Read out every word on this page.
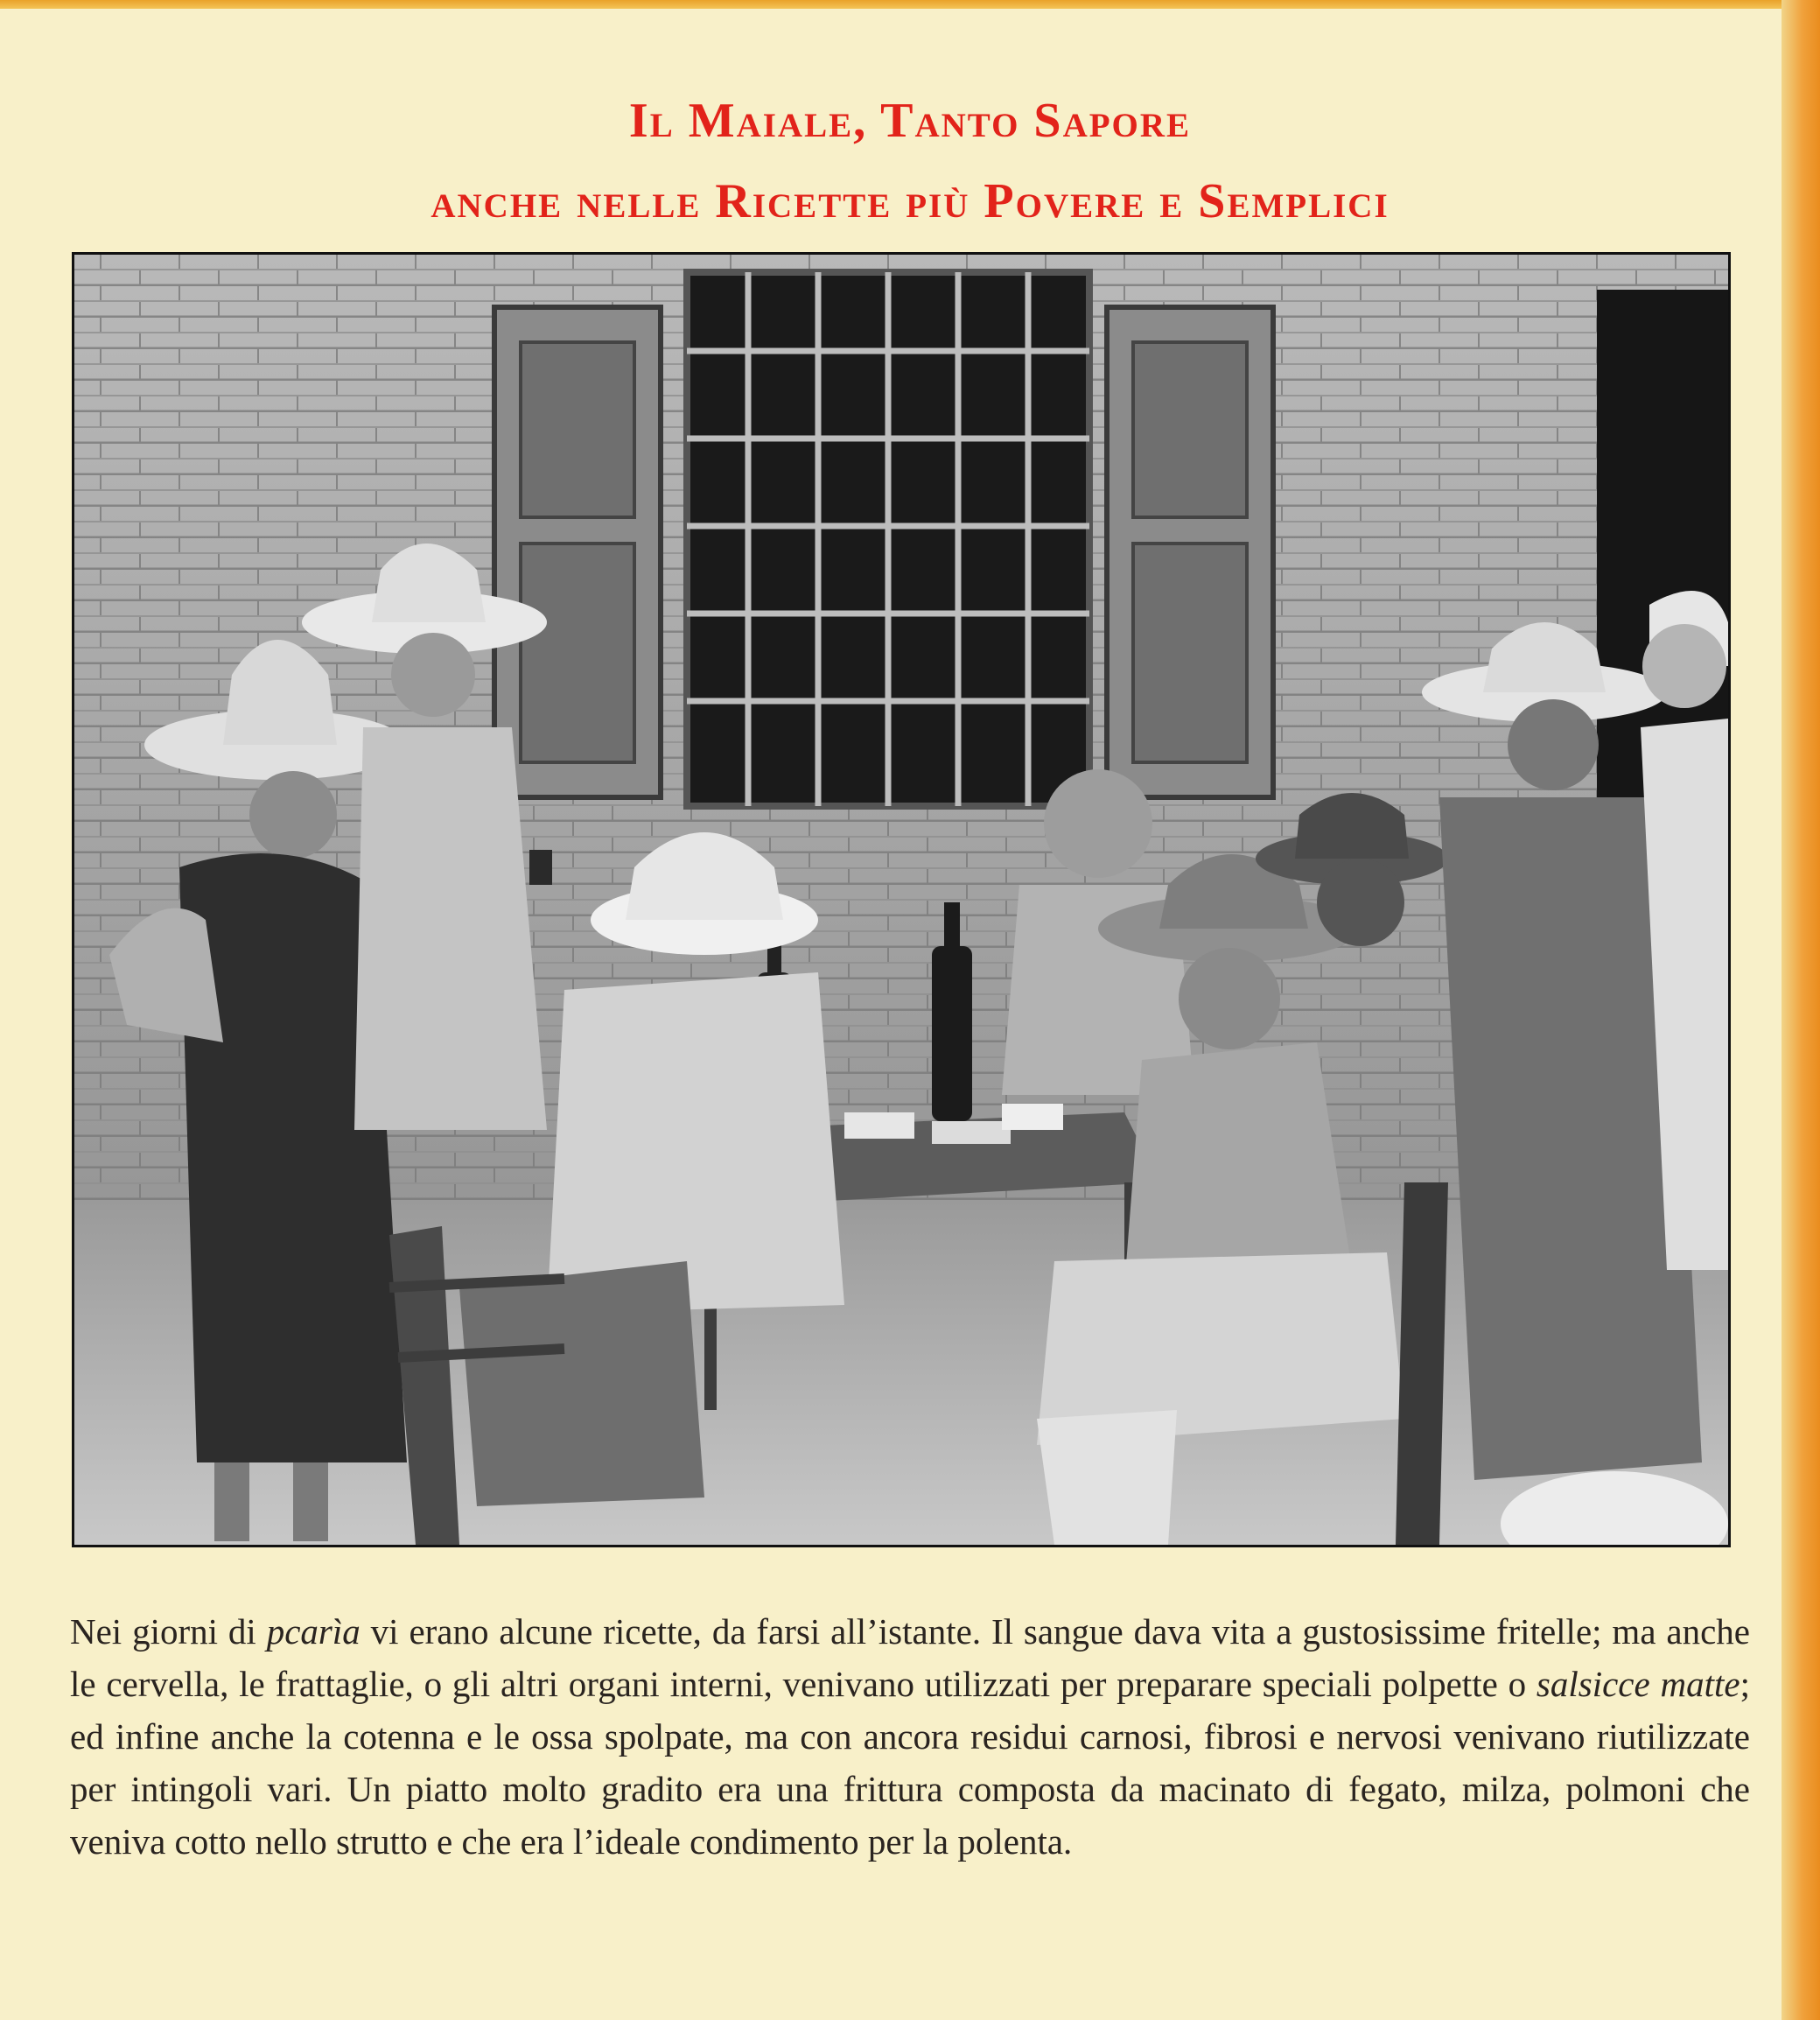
Il Maiale, Tanto Sapore
anche nelle Ricette più Povere e Semplici

Nei giorni di pcarìa vi erano alcune ricette, da farsi all’istante. Il sangue dava vita a gustosissime fritelle; ma anche le cervella, le frattaglie, o gli altri organi interni, venivano utilizzati per preparare speciali polpette o salsicce matte; ed infine anche la cotenna e le ossa spolpate, ma con ancora residui carnosi, fibrosi e nervosi venivano riutilizzate per intingoli vari. Un piatto molto gradito era una frittura composta da macinato di fegato, milza, polmoni che veniva cotto nello strutto e che era l’ideale condimento per la polenta.
